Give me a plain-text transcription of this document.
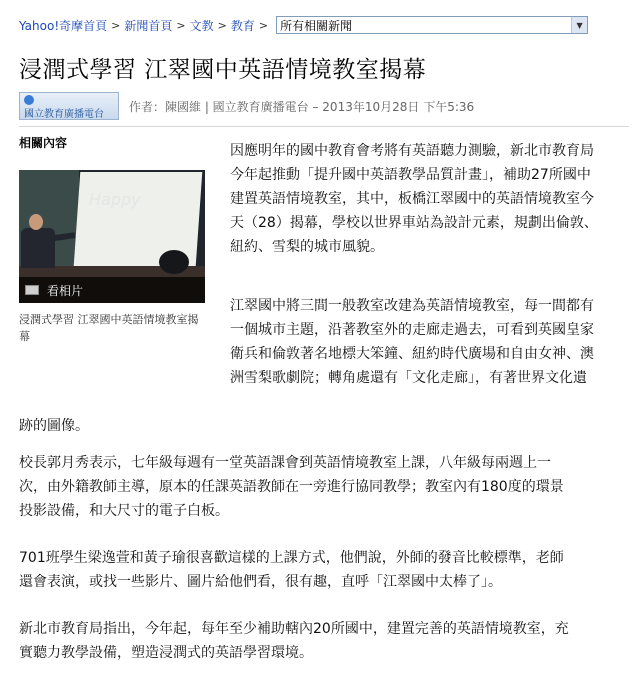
Yahoo!奇摩首頁 > 新聞首頁 > 文教 > 教育 > 所有相關新聞	▼
浸潤式學習 江翠國中英語情境教室揭幕
國立教育廣播電台
作者：陳國維 | 國立教育廣播電台 – 2013年10月28日 下午5:36
相關內容
Happy
看相片
浸潤式學習 江翠國中英語情境教室揭幕
因應明年的國中教育會考將有英語聽力測驗，新北市教育局
今年起推動「提升國中英語教學品質計畫」，補助27所國中
建置英語情境教室，其中，板橋江翠國中的英語情境教室今
天（28）揭幕，學校以世界車站為設計元素，規劃出倫敦、
紐約、雪梨的城市風貌。
江翠國中將三間一般教室改建為英語情境教室，每一間都有
一個城市主題，沿著教室外的走廊走過去，可看到英國皇家
衛兵和倫敦著名地標大笨鐘、紐約時代廣場和自由女神、澳
洲雪梨歌劇院；轉角處還有「文化走廊」，有著世界文化遺
跡的圖像。
校長郭月秀表示，七年級每週有一堂英語課會到英語情境教室上課，八年級每兩週上一
次，由外籍教師主導，原本的任課英語教師在一旁進行協同教學；教室內有180度的環景
投影設備，和大尺寸的電子白板。
701班學生梁逸萱和黃子瑜很喜歡這樣的上課方式，他們說，外師的發音比較標準，老師
還會表演，或找一些影片、圖片給他們看，很有趣，直呼「江翠國中太棒了」。
新北市教育局指出，今年起，每年至少補助轄內20所國中，建置完善的英語情境教室，充
實聽力教學設備，塑造浸潤式的英語學習環境。
